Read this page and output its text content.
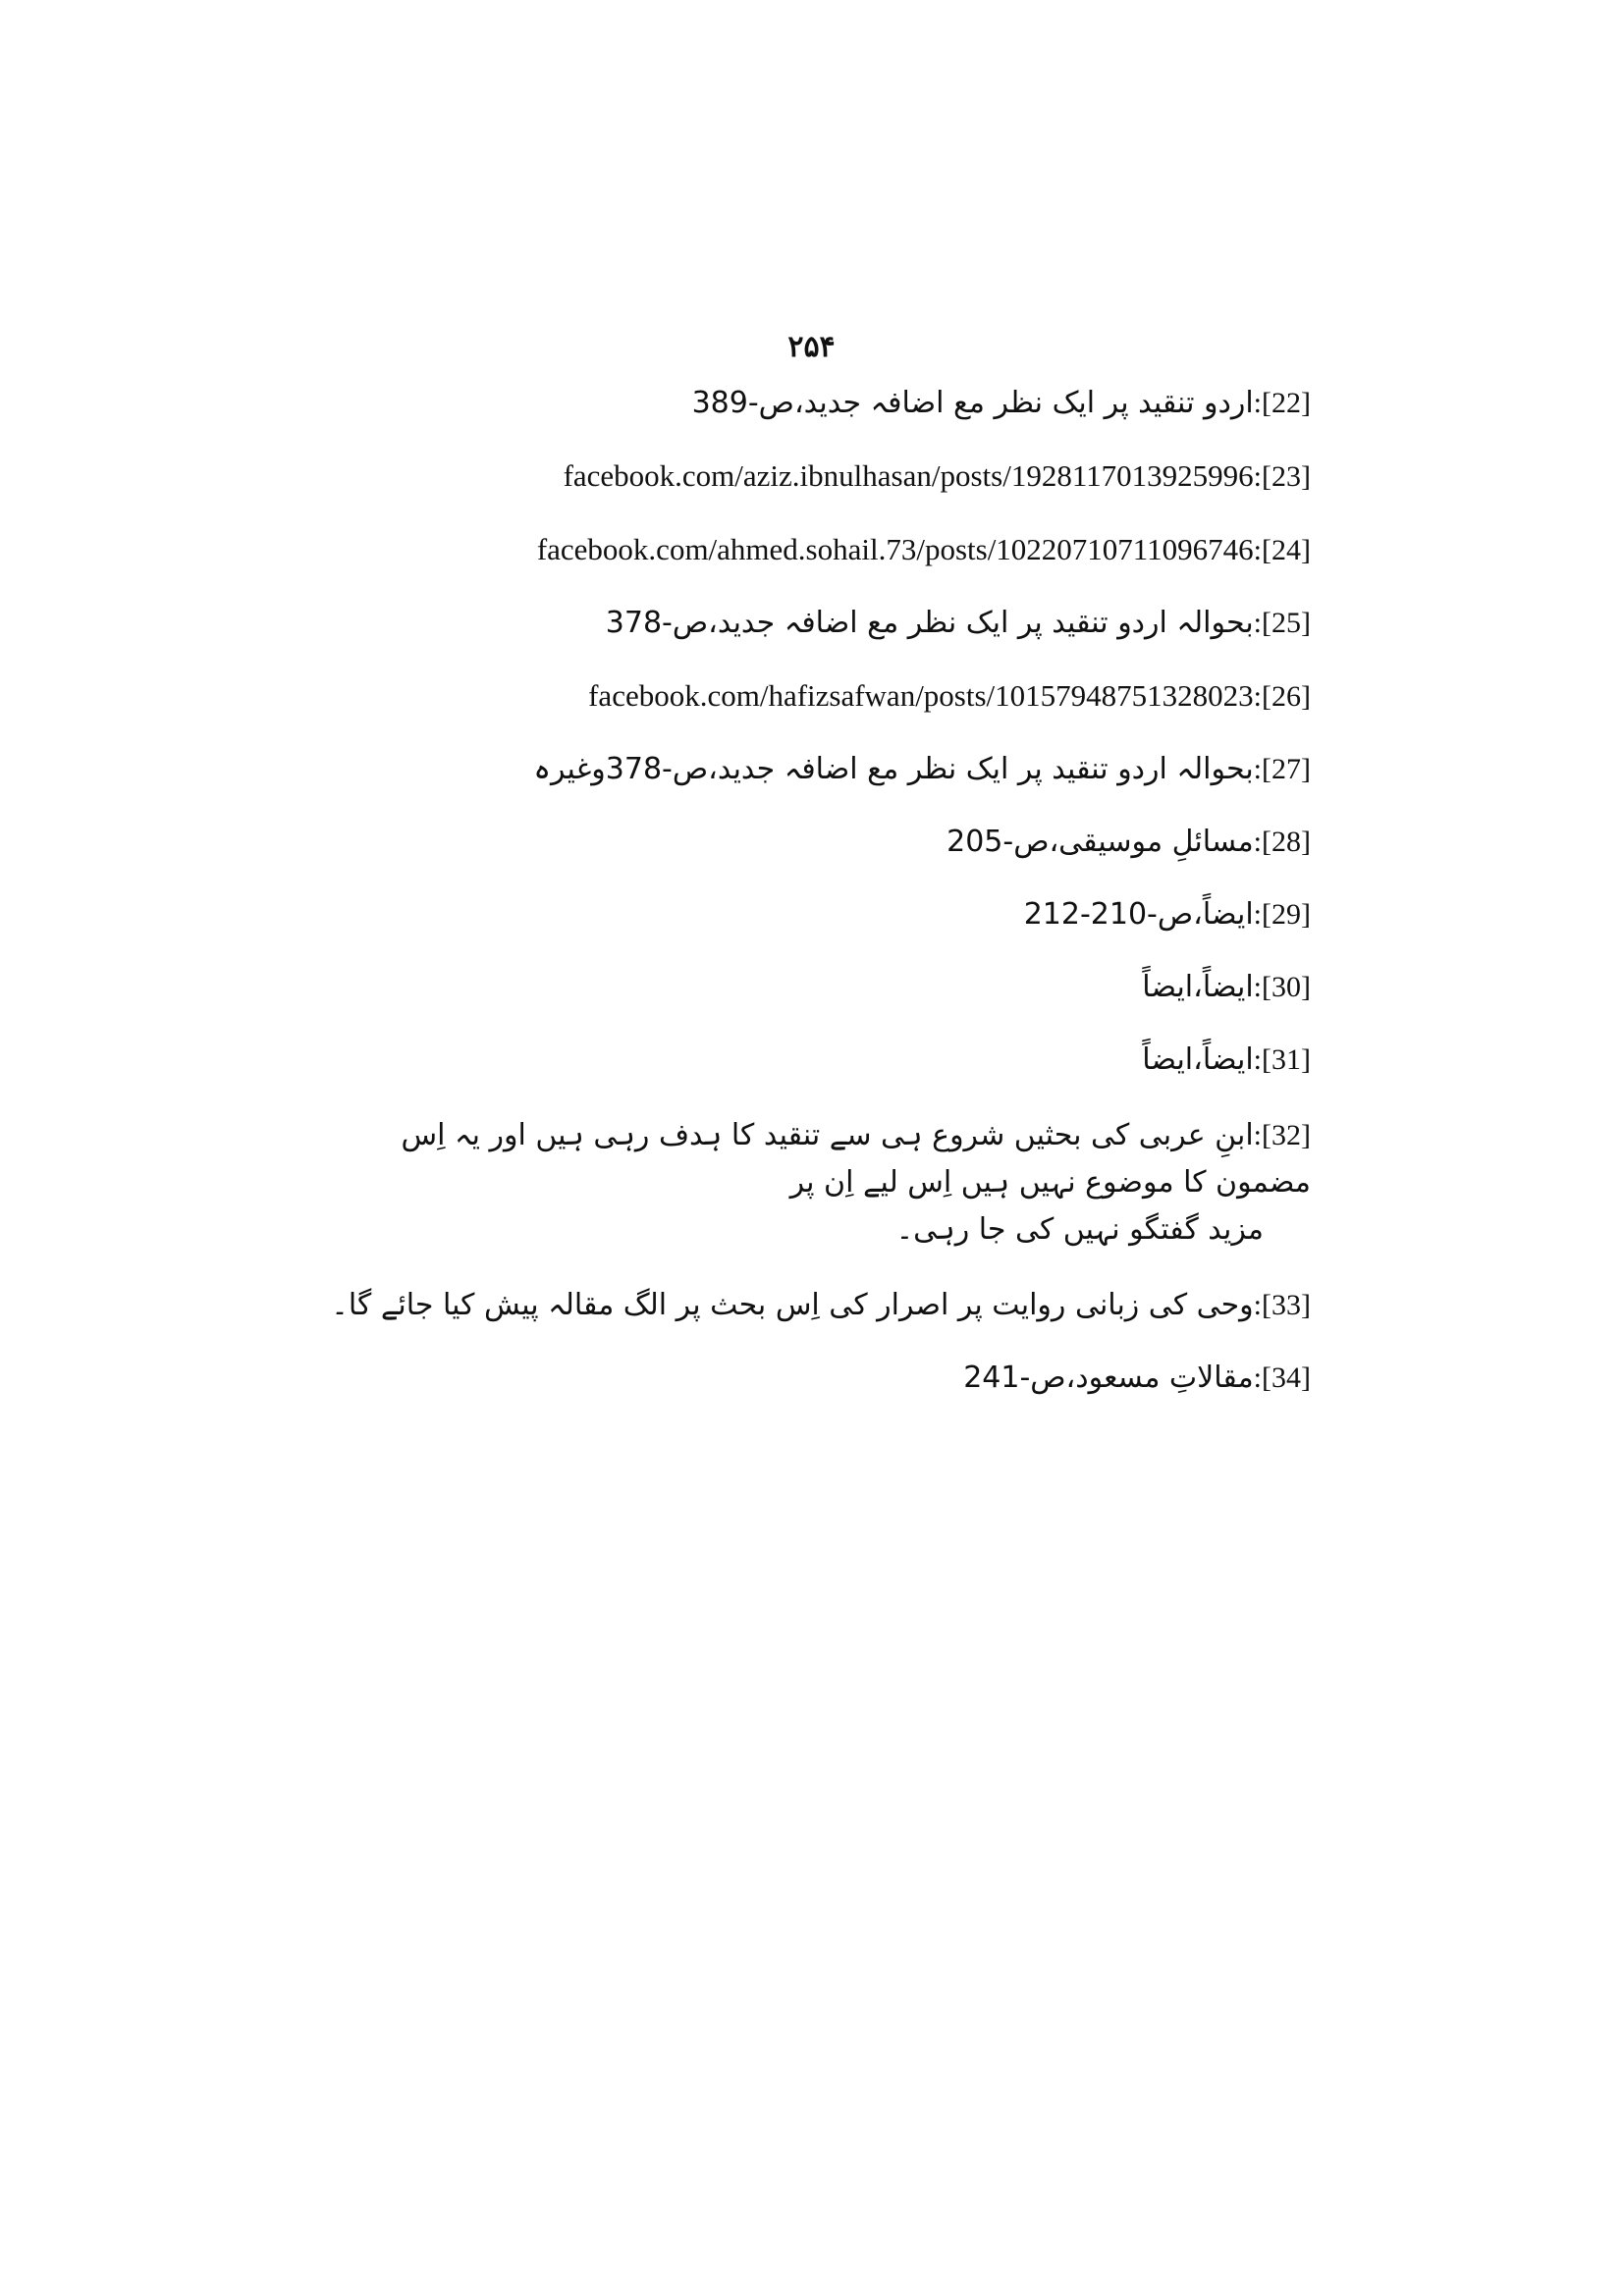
۲۵۴
[22]:اردو تنقید پر ایک نظر مع اضافہ جدید،ص-389
[23]:facebook.com/aziz.ibnulhasan/posts/1928117013925996
[24]:facebook.com/ahmed.sohail.73/posts/10220710711096746
[25]:بحوالہ اردو تنقید پر ایک نظر مع اضافہ جدید،ص-378
[26]:facebook.com/hafizsafwan/posts/10157948751328023
[27]:بحوالہ اردو تنقید پر ایک نظر مع اضافہ جدید،ص-378وغیرہ
[28]:مسائلِ موسیقی،ص-205
[29]:ایضاً،ص-210-212
[30]:ایضاً،ایضاً
[31]:ایضاً،ایضاً
[32]:ابنِ عربی کی بحثیں شروع ہی سے تنقید کا ہدف رہی ہیں اور یہ اِس مضمون کا موضوع نہیں ہیں اِس لیے اِن پر
مزید گفتگو نہیں کی جا رہی۔
[33]:وحی کی زبانی روایت پر اصرار کی اِس بحث پر الگ مقالہ پیش کیا جائے گا۔
[34]:مقالاتِ مسعود،ص-241
